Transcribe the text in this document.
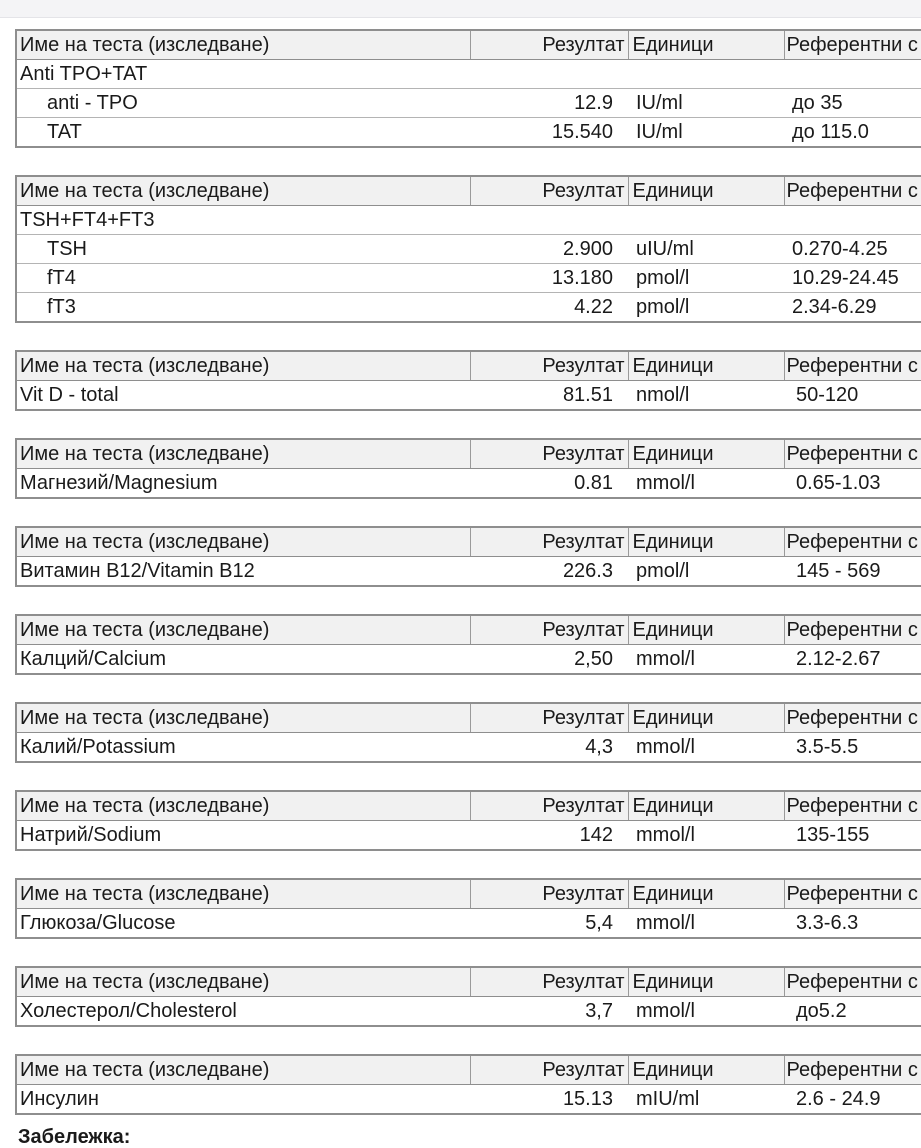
Име на теста (изследване)	Резултат	Единици	Референтни с
Anti TPO+TAT			
anti - TPO	12.9	IU/ml	до 35
TAT	15.540	IU/ml	до 115.0
Име на теста (изследване)	Резултат	Единици	Референтни с
TSH+FT4+FT3			
TSH	2.900	uIU/ml	0.270-4.25
fT4	13.180	pmol/l	10.29-24.45
fT3	4.22	pmol/l	2.34-6.29
Име на теста (изследване)	Резултат	Единици	Референтни с
Vit D - total	81.51	nmol/l	50-120
Име на теста (изследване)	Резултат	Единици	Референтни с
Магнезий/Magnesium	0.81	mmol/l	0.65-1.03
Име на теста (изследване)	Резултат	Единици	Референтни с
Витамин B12/Vitamin B12	226.3	pmol/l	145 - 569
Име на теста (изследване)	Резултат	Единици	Референтни с
Калций/Calcium	2,50	mmol/l	2.12-2.67
Име на теста (изследване)	Резултат	Единици	Референтни с
Калий/Potassium	4,3	mmol/l	3.5-5.5
Име на теста (изследване)	Резултат	Единици	Референтни с
Натрий/Sodium	142	mmol/l	135-155
Име на теста (изследване)	Резултат	Единици	Референтни с
Глюкоза/Glucose	5,4	mmol/l	3.3-6.3
Име на теста (изследване)	Резултат	Единици	Референтни с
Холестерол/Cholesterol	3,7	mmol/l	до5.2
Име на теста (изследване)	Резултат	Единици	Референтни с
Инсулин	15.13	mIU/ml	2.6 - 24.9
Забележка:
